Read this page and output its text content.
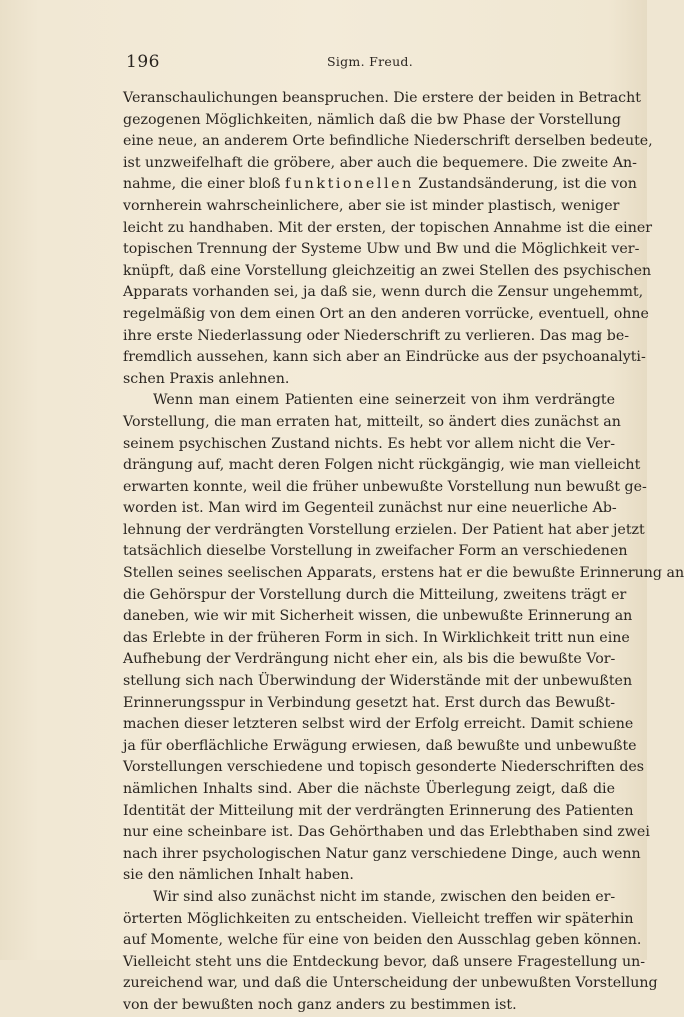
196	Sigm. Freud.
Veranschaulichungen beanspruchen. Die erstere der beiden in Betracht
gezogenen Möglichkeiten, nämlich daß die bw Phase der Vorstellung
eine neue, an anderem Orte befindliche Niederschrift derselben bedeute,
ist unzweifelhaft die gröbere, aber auch die bequemere. Die zweite An-
nahme, die einer bloß funktionellen Zustandsänderung, ist die von
vornherein wahrscheinlichere, aber sie ist minder plastisch, weniger
leicht zu handhaben. Mit der ersten, der topischen Annahme ist die einer
topischen Trennung der Systeme Ubw und Bw und die Möglichkeit ver-
knüpft, daß eine Vorstellung gleichzeitig an zwei Stellen des psychischen
Apparats vorhanden sei, ja daß sie, wenn durch die Zensur ungehemmt,
regelmäßig von dem einen Ort an den anderen vorrücke, eventuell, ohne
ihre erste Niederlassung oder Niederschrift zu verlieren. Das mag be-
fremdlich aussehen, kann sich aber an Eindrücke aus der psychoanalyti-
schen Praxis anlehnen.
Wenn man einem Patienten eine seinerzeit von ihm verdrängte
Vorstellung, die man erraten hat, mitteilt, so ändert dies zunächst an
seinem psychischen Zustand nichts. Es hebt vor allem nicht die Ver-
drängung auf, macht deren Folgen nicht rückgängig, wie man vielleicht
erwarten konnte, weil die früher unbewußte Vorstellung nun bewußt ge-
worden ist. Man wird im Gegenteil zunächst nur eine neuerliche Ab-
lehnung der verdrängten Vorstellung erzielen. Der Patient hat aber jetzt
tatsächlich dieselbe Vorstellung in zweifacher Form an verschiedenen
Stellen seines seelischen Apparats, erstens hat er die bewußte Erinnerung an
die Gehörspur der Vorstellung durch die Mitteilung, zweitens trägt er
daneben, wie wir mit Sicherheit wissen, die unbewußte Erinnerung an
das Erlebte in der früheren Form in sich. In Wirklichkeit tritt nun eine
Aufhebung der Verdrängung nicht eher ein, als bis die bewußte Vor-
stellung sich nach Überwindung der Widerstände mit der unbewußten
Erinnerungsspur in Verbindung gesetzt hat. Erst durch das Bewußt-
machen dieser letzteren selbst wird der Erfolg erreicht. Damit schiene
ja für oberflächliche Erwägung erwiesen, daß bewußte und unbewußte
Vorstellungen verschiedene und topisch gesonderte Niederschriften des
nämlichen Inhalts sind. Aber die nächste Überlegung zeigt, daß die
Identität der Mitteilung mit der verdrängten Erinnerung des Patienten
nur eine scheinbare ist. Das Gehörthaben und das Erlebthaben sind zwei
nach ihrer psychologischen Natur ganz verschiedene Dinge, auch wenn
sie den nämlichen Inhalt haben.
Wir sind also zunächst nicht im stande, zwischen den beiden er-
örterten Möglichkeiten zu entscheiden. Vielleicht treffen wir späterhin
auf Momente, welche für eine von beiden den Ausschlag geben können.
Vielleicht steht uns die Entdeckung bevor, daß unsere Fragestellung un-
zureichend war, und daß die Unterscheidung der unbewußten Vorstellung
von der bewußten noch ganz anders zu bestimmen ist.
